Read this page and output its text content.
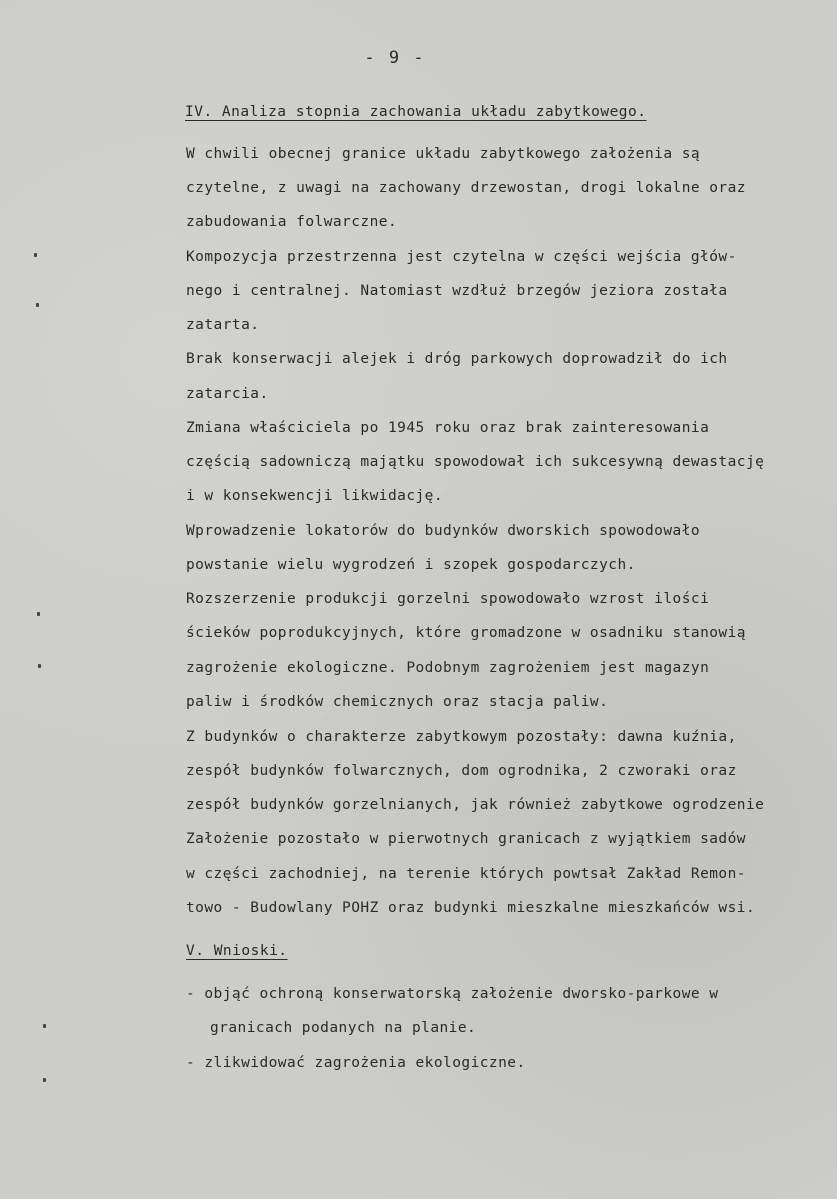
- 9 -
IV. Analiza stopnia zachowania układu zabytkowego.
W chwili obecnej granice układu zabytkowego założenia są
czytelne, z uwagi na zachowany drzewostan, drogi lokalne oraz
zabudowania folwarczne.
Kompozycja przestrzenna jest czytelna w części wejścia głów-
nego i centralnej. Natomiast wzdłuż brzegów jeziora została
zatarta.
Brak konserwacji alejek i dróg parkowych doprowadził do ich
zatarcia.
Zmiana właściciela po 1945 roku oraz brak zainteresowania
częścią sadowniczą majątku spowodował ich sukcesywną dewastację
i w konsekwencji likwidację.
Wprowadzenie lokatorów do budynków dworskich spowodowało
powstanie wielu wygrodzeń i szopek gospodarczych.
Rozszerzenie produkcji gorzelni spowodowało wzrost ilości
ścieków poprodukcyjnych, które gromadzone w osadniku stanowią
zagrożenie ekologiczne. Podobnym zagrożeniem jest magazyn
paliw i środków chemicznych oraz stacja paliw.
Z budynków o charakterze zabytkowym pozostały: dawna kuźnia,
zespół budynków folwarcznych, dom ogrodnika, 2 czworaki oraz
zespół budynków gorzelnianych, jak również zabytkowe ogrodzenie
Założenie pozostało w pierwotnych granicach z wyjątkiem sadów
w części zachodniej, na terenie których powtsał Zakład Remon-
towo - Budowlany POHZ oraz budynki mieszkalne mieszkańców wsi.
V. Wnioski.
- objąć ochroną konserwatorską założenie dworsko-parkowe w
granicach podanych na planie.
- zlikwidować zagrożenia ekologiczne.
